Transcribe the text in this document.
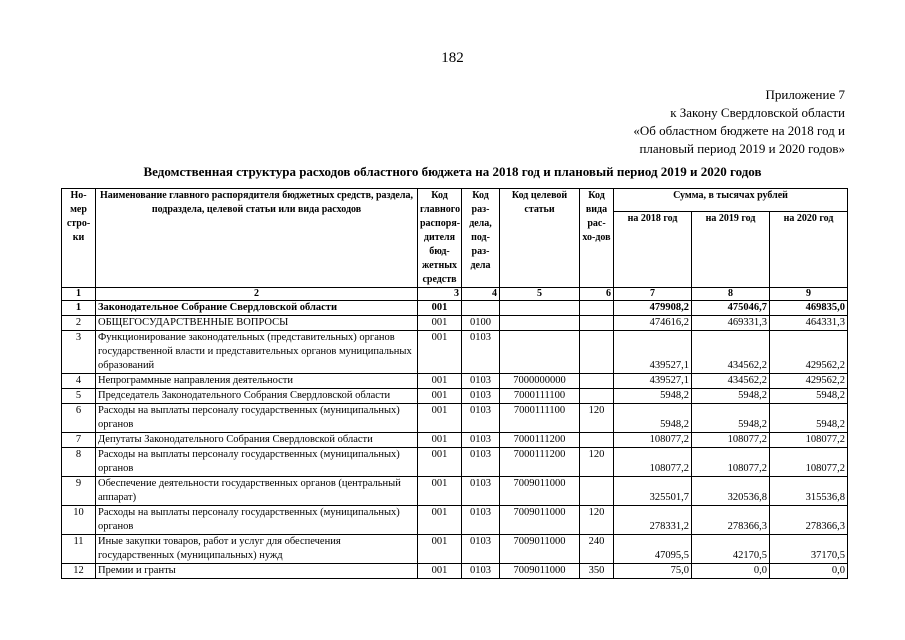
182
Приложение 7
к Закону Свердловской области
«Об областном бюджете на 2018 год и
плановый период 2019 и 2020 годов»
Ведомственная структура расходов областного бюджета на 2018 год и плановый период 2019 и 2020 годов
Но-мер стро-ки	Наименование главного распорядителя бюджетных средств, раздела, подраздела, целевой статьи или вида расходов	Код главного распоря-дителя бюд-жетных средств	Код раз-дела, под-раз-дела	Код целевой статьи	Код вида рас-хо-дов	Сумма, в тысячах рублей		
						на 2018 год	на 2019 год	на 2020 год
1	2	3	4	5	6	7	8	9
1	Законодательное Собрание Свердловской области	001				479908,2	475046,7	469835,0
2	ОБЩЕГОСУДАРСТВЕННЫЕ ВОПРОСЫ	001	0100			474616,2	469331,3	464331,3
3	Функционирование законодательных (представительных) органов государственной власти и представительных органов муниципальных образований	001	0103			439527,1	434562,2	429562,2
4	Непрограммные направления деятельности	001	0103	7000000000		439527,1	434562,2	429562,2
5	Председатель Законодательного Собрания Свердловской области	001	0103	7000111100		5948,2	5948,2	5948,2
6	Расходы на выплаты персоналу государственных (муниципальных) органов	001	0103	7000111100	120	5948,2	5948,2	5948,2
7	Депутаты Законодательного Собрания Свердловской области	001	0103	7000111200		108077,2	108077,2	108077,2
8	Расходы на выплаты персоналу государственных (муниципальных) органов	001	0103	7000111200	120	108077,2	108077,2	108077,2
9	Обеспечение деятельности государственных органов (центральный аппарат)	001	0103	7009011000		325501,7	320536,8	315536,8
10	Расходы на выплаты персоналу государственных (муниципальных) органов	001	0103	7009011000	120	278331,2	278366,3	278366,3
11	Иные закупки товаров, работ и услуг для обеспечения государственных (муниципальных) нужд	001	0103	7009011000	240	47095,5	42170,5	37170,5
12	Премии и гранты	001	0103	7009011000	350	75,0	0,0	0,0
